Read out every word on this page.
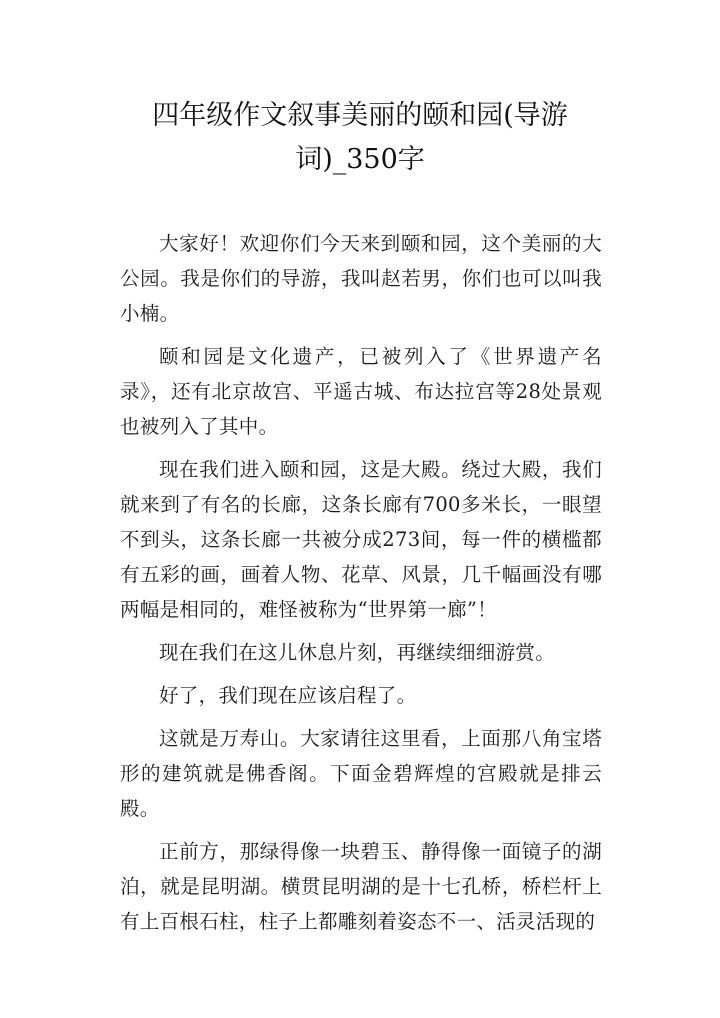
四年级作文叙事美丽的颐和园(导游词)_350字

大家好！欢迎你们今天来到颐和园，这个美丽的大公园。我是你们的导游，我叫赵若男，你们也可以叫我小楠。

颐和园是文化遗产，已被列入了《世界遗产名录》，还有北京故宫、平遥古城、布达拉宫等28处景观也被列入了其中。

现在我们进入颐和园，这是大殿。绕过大殿，我们就来到了有名的长廊，这条长廊有700多米长，一眼望不到头，这条长廊一共被分成273间，每一件的横槛都有五彩的画，画着人物、花草、风景，几千幅画没有哪两幅是相同的，难怪被称为“世界第一廊”！

现在我们在这儿休息片刻，再继续细细游赏。

好了，我们现在应该启程了。

这就是万寿山。大家请往这里看，上面那八角宝塔形的建筑就是佛香阁。下面金碧辉煌的宫殿就是排云殿。

正前方，那绿得像一块碧玉、静得像一面镜子的湖泊，就是昆明湖。横贯昆明湖的是十七孔桥，桥栏杆上有上百根石柱，柱子上都雕刻着姿态不一、活灵活现的
